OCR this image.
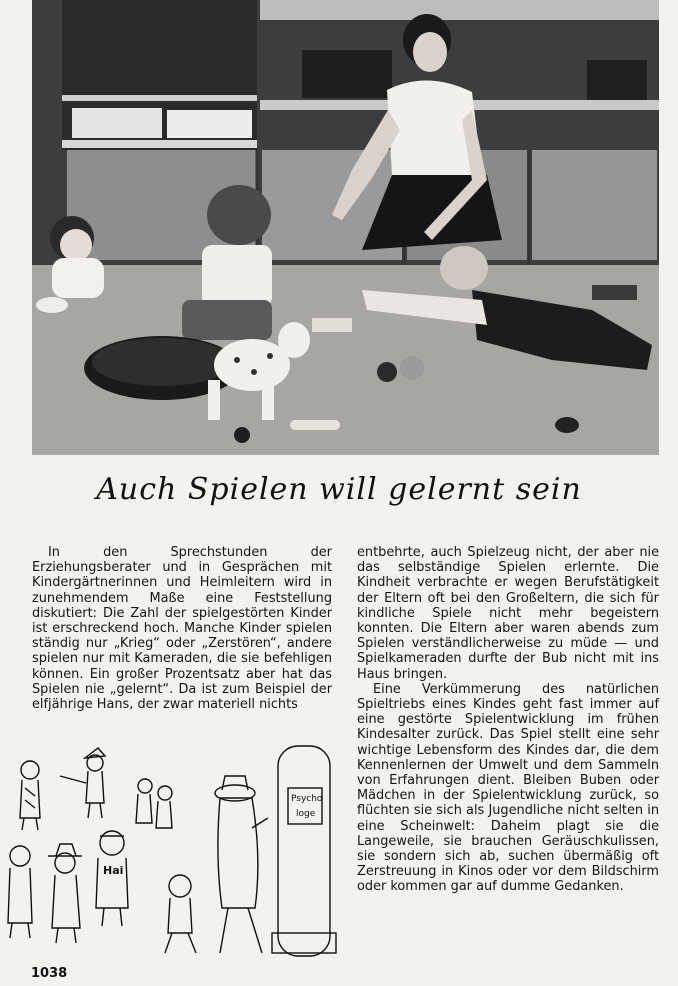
Auch Spielen will gelernt sein

In den Sprechstunden der Erziehungsberater und in Gesprächen mit Kindergärtnerinnen und Heimleitern wird in zunehmendem Maße eine Feststellung diskutiert: Die Zahl der spielgestörten Kinder ist erschreckend hoch. Manche Kinder spielen ständig nur „Krieg“ oder „Zerstören“, andere spielen nur mit Kameraden, die sie befehligen können. Ein großer Prozentsatz aber hat das Spielen nie „gelernt“. Da ist zum Beispiel der elfjährige Hans, der zwar materiell nichts

entbehrte, auch Spielzeug nicht, der aber nie das selbständige Spielen erlernte. Die Kindheit verbrachte er wegen Berufstätigkeit der Eltern oft bei den Großeltern, die sich für kindliche Spiele nicht mehr begeistern konnten. Die Eltern aber waren abends zum Spielen verständlicherweise zu müde — und Spielkameraden durfte der Bub nicht mit ins Haus bringen.

Eine Verkümmerung des natürlichen Spieltriebs eines Kindes geht fast immer auf eine gestörte Spielentwicklung im frühen Kindesalter zurück. Das Spiel stellt eine sehr wichtige Lebensform des Kindes dar, die dem Kennenlernen der Umwelt und dem Sammeln von Erfahrungen dient. Bleiben Buben oder Mädchen in der Spielentwicklung zurück, so flüchten sie sich als Jugendliche nicht selten in eine Scheinwelt: Daheim plagt sie die Langeweile, sie brauchen Geräuschkulissen, sie sondern sich ab, suchen übermäßig oft Zerstreuung in Kinos oder vor dem Bildschirm oder kommen gar auf dumme Gedanken.

Hai
Psycho
loge
1038
